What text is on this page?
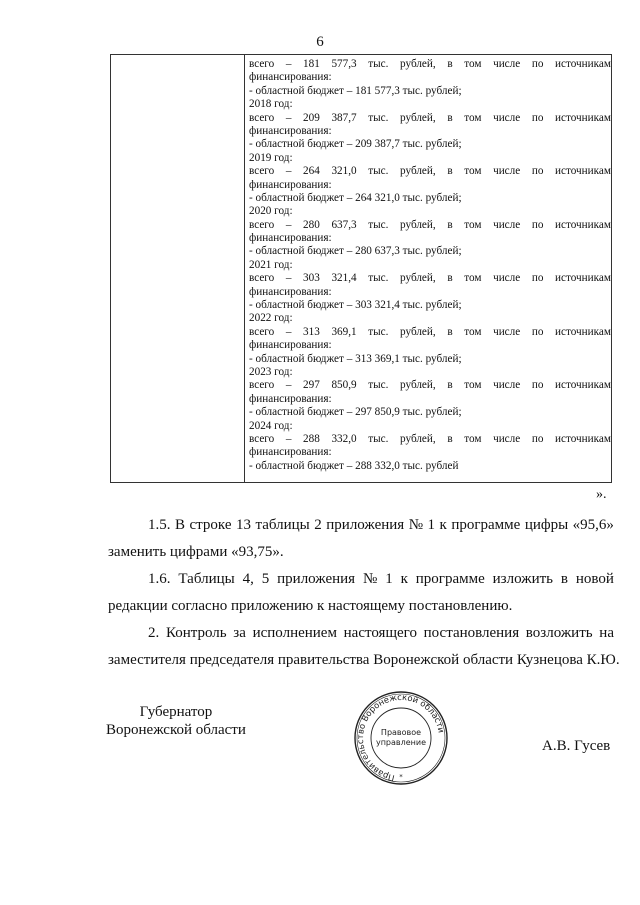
6
всего – 181 577,3 тыс. рублей, в том числе по источникам
финансирования:
- областной бюджет – 181 577,3 тыс. рублей;
2018 год:
всего – 209 387,7 тыс. рублей, в том числе по источникам
финансирования:
- областной бюджет – 209 387,7 тыс. рублей;
2019 год:
всего – 264 321,0 тыс. рублей, в том числе по источникам
финансирования:
- областной бюджет – 264 321,0 тыс. рублей;
2020 год:
всего – 280 637,3 тыс. рублей, в том числе по источникам
финансирования:
- областной бюджет – 280 637,3 тыс. рублей;
2021 год:
всего – 303 321,4 тыс. рублей, в том числе по источникам
финансирования:
- областной бюджет – 303 321,4 тыс. рублей;
2022 год:
всего – 313 369,1 тыс. рублей, в том числе по источникам
финансирования:
- областной бюджет – 313 369,1 тыс. рублей;
2023 год:
всего – 297 850,9 тыс. рублей, в том числе по источникам
финансирования:
- областной бюджет – 297 850,9 тыс. рублей;
2024 год:
всего – 288 332,0 тыс. рублей, в том числе по источникам
финансирования:
- областной бюджет – 288 332,0 тыс. рублей
».
1.5. В строке 13 таблицы 2 приложения № 1 к программе цифры «95,6»
заменить цифрами «93,75».
1.6. Таблицы 4, 5 приложения № 1 к программе изложить в новой
редакции согласно приложению к настоящему постановлению.
2. Контроль за исполнением настоящего постановления возложить на
заместителя председателя правительства Воронежской области Кузнецова К.Ю.
Губернатор
Воронежской области
Правительство Воронежской области
Правовое
управление
*
А.В. Гусев
